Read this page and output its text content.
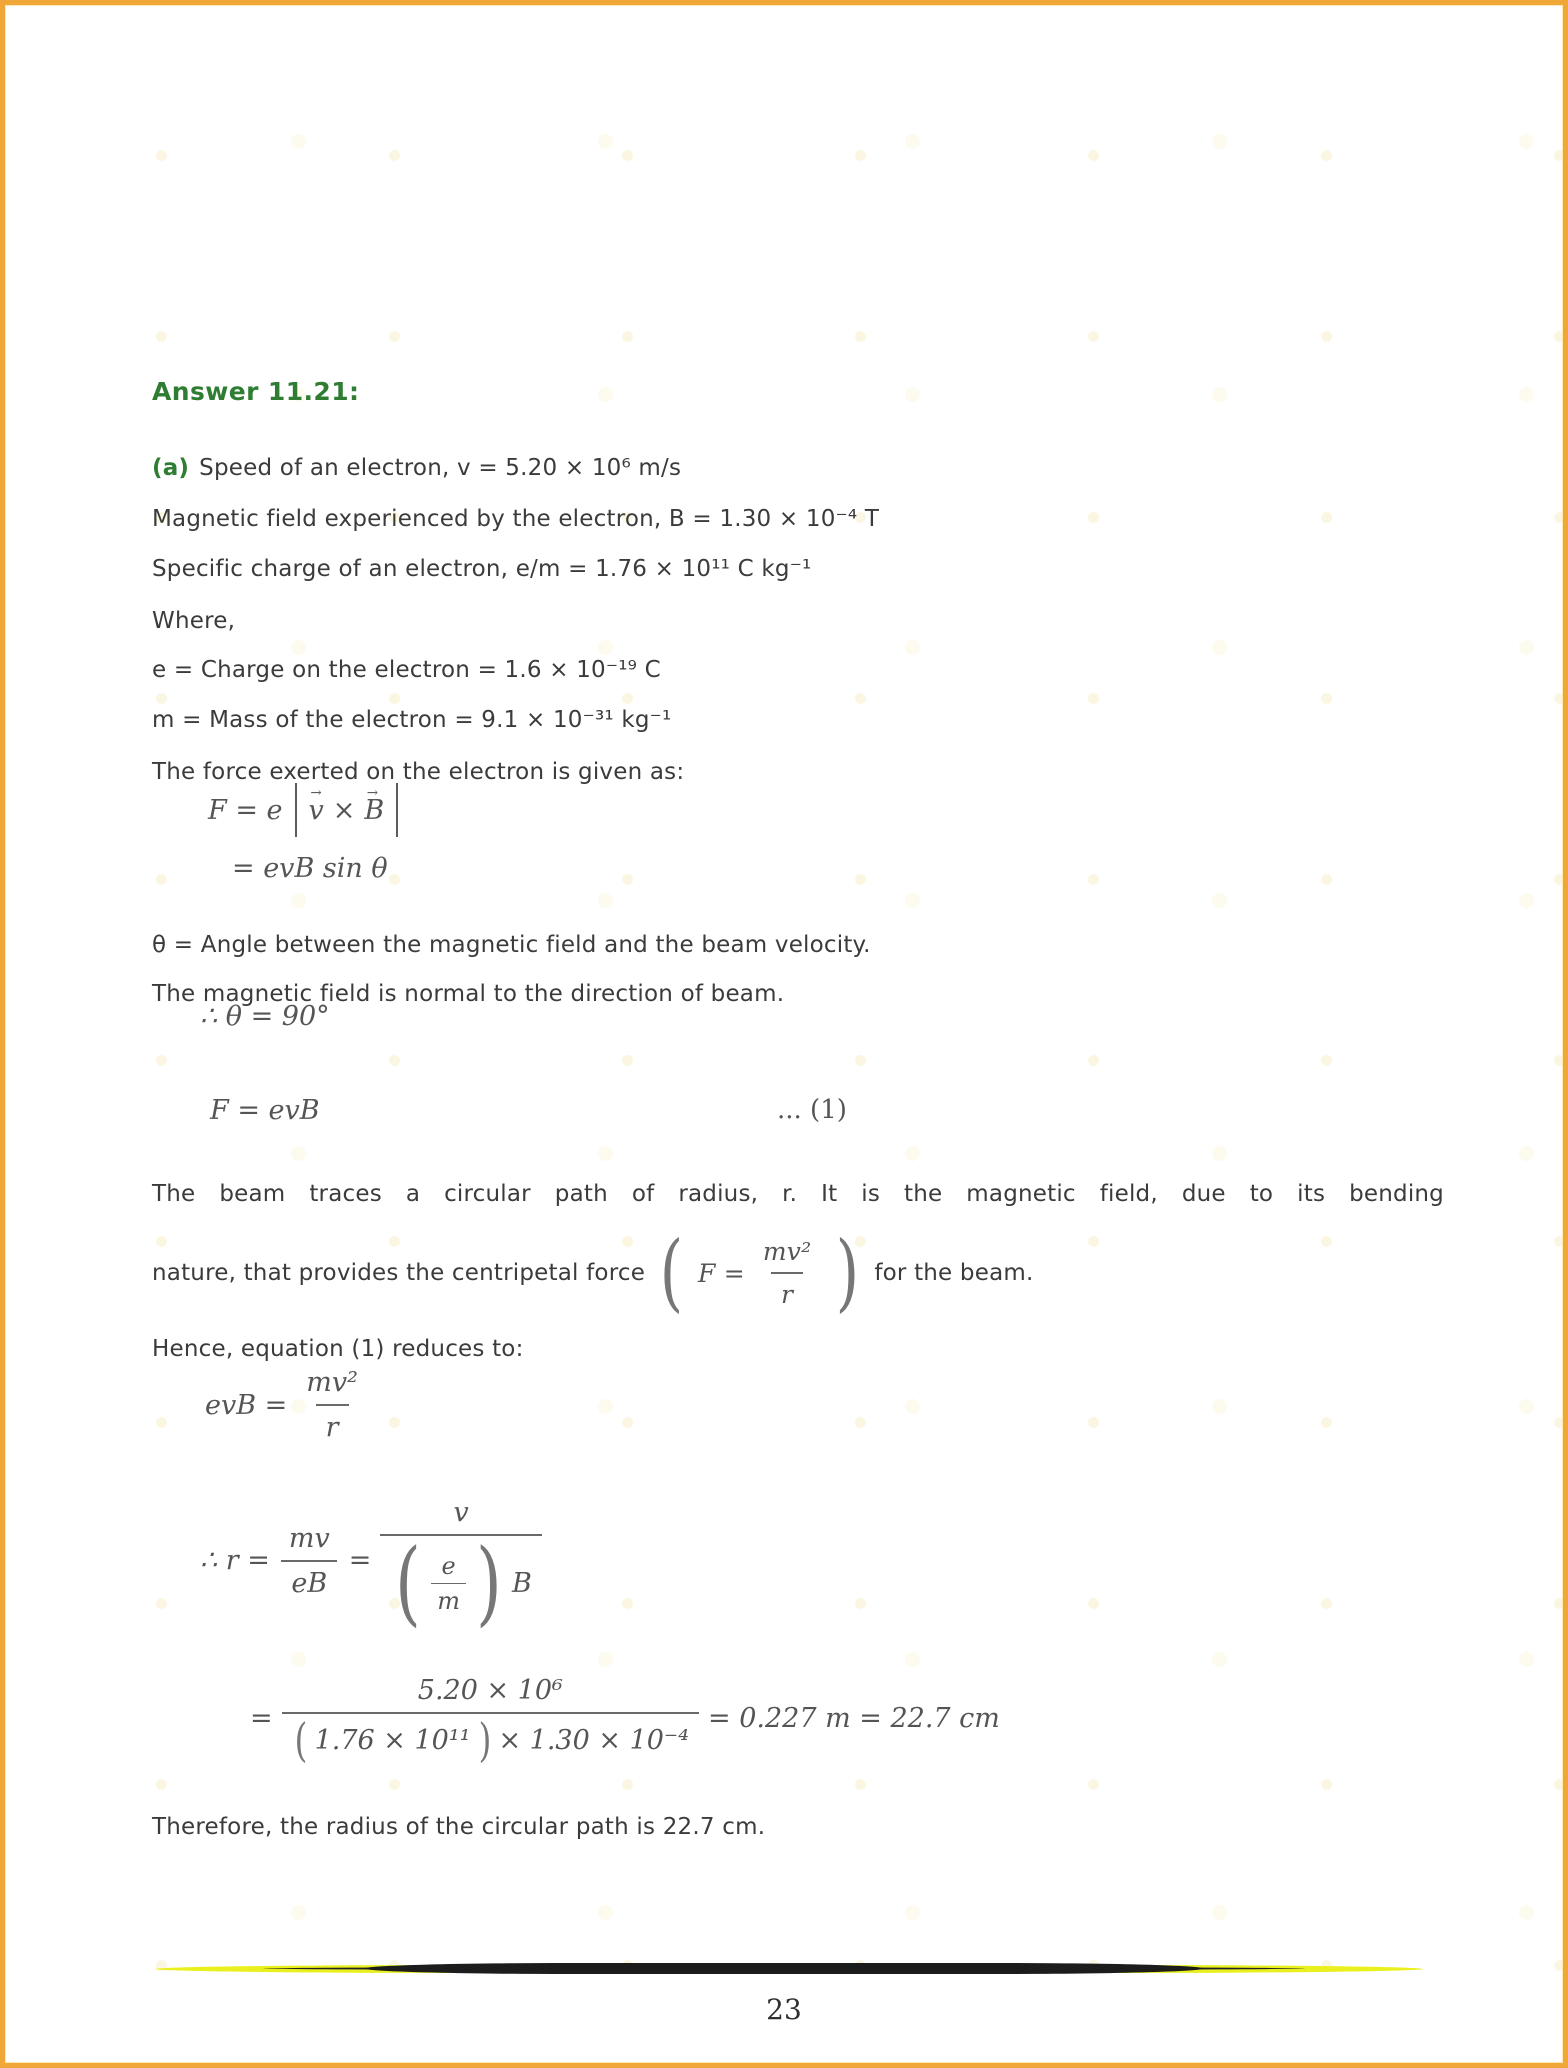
Answer 11.21:

(a) Speed of an electron, v = 5.20 × 10⁶ m/s

Magnetic field experienced by the electron, B = 1.30 × 10⁻⁴ T

Specific charge of an electron, e/m = 1.76 × 10¹¹ C kg⁻¹

Where,

e = Charge on the electron = 1.6 × 10⁻¹⁹ C

m = Mass of the electron = 9.1 × 10⁻³¹ kg⁻¹

The force exerted on the electron is given as:

F = e v → × B →
= evB sin θ

θ = Angle between the magnetic field and the beam velocity.

The magnetic field is normal to the direction of beam.

∴ θ = 90°
F = evB	... (1)

The beam traces a circular path of radius, r. It is the magnetic field, due to its bending

nature, that provides the centripetal force ( $F = \frac{\text{mv²}}{r}$ ) for the beam.

Hence, equation (1) reduces to:

evB = $\frac{\text{mv²}}{r}$
∴ $r = \frac{mv}{eB}$ =
v
( $\frac{e}{m}$ ) B
= $\frac{\text{5.20 × 10⁶}}{\text{( 1.76 × 10¹¹ ) × 1.30 × 10⁻⁴}} = 0.227$ m = 22.7 cm

Therefore, the radius of the circular path is 22.7 cm.

23
